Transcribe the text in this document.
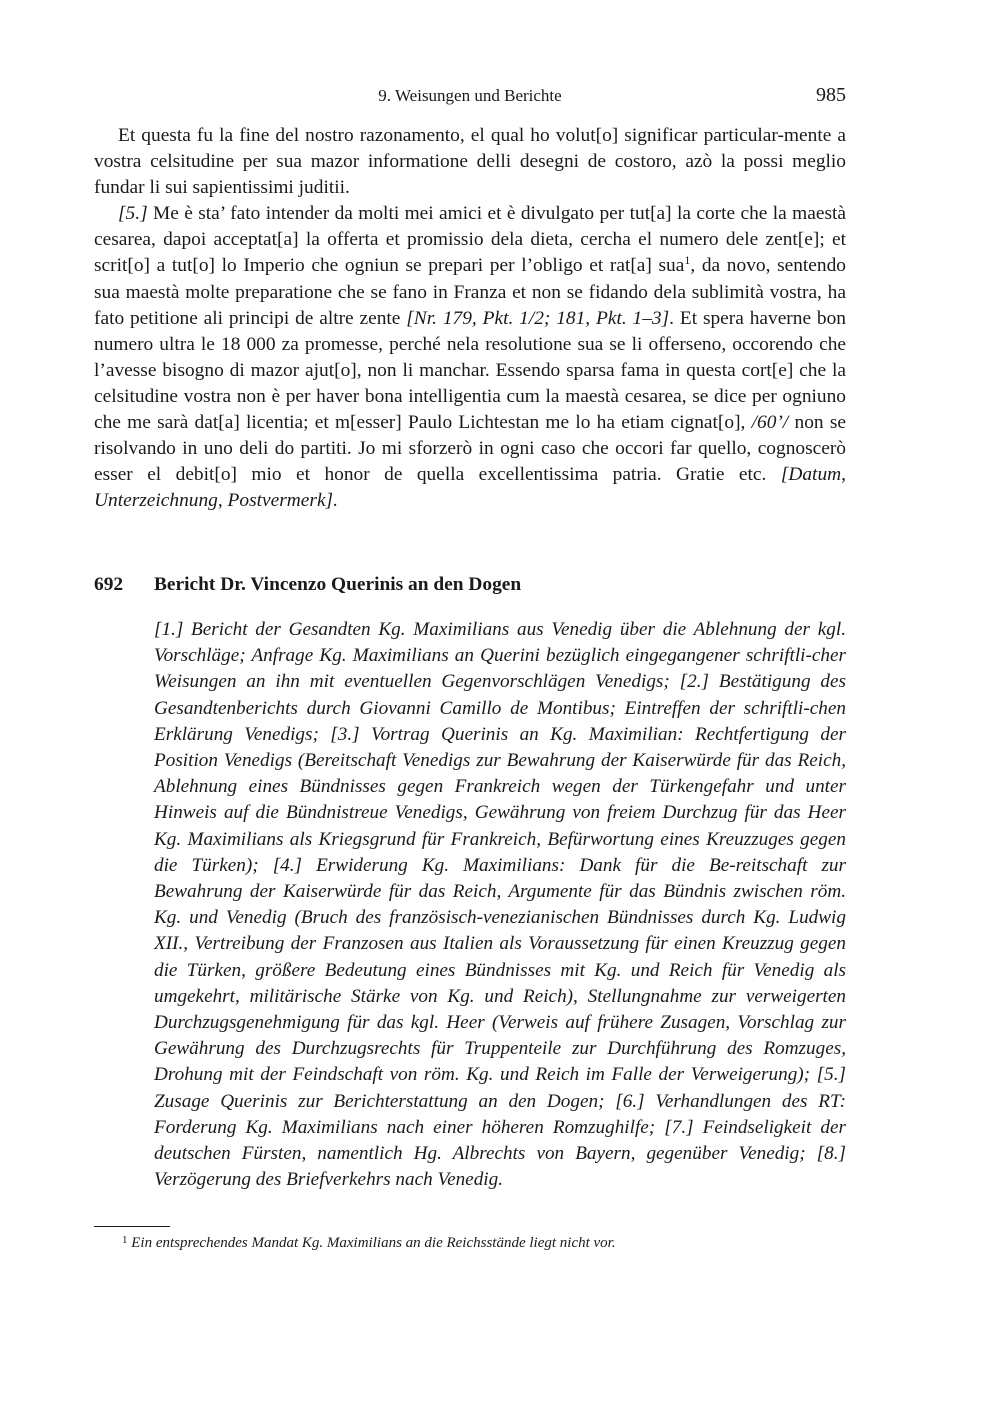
9. Weisungen und Berichte	985

Et questa fu la fine del nostro razonamento, el qual ho volut[o] significar particular-mente a vostra celsitudine per sua mazor informatione delli desegni de costoro, azò la possi meglio fundar li sui sapientissimi juditii.

[5.] Me è sta’ fato intender da molti mei amici et è divulgato per tut[a] la corte che la maestà cesarea, dapoi acceptat[a] la offerta et promissio dela dieta, cercha el numero dele zent[e]; et scrit[o] a tut[o] lo Imperio che ogniun se prepari per l’obligo et rat[a] sua$^1$, da novo, sentendo sua maestà molte preparatione che se fano in Franza et non se fidando dela sublimità vostra, ha fato petitione ali principi de altre zente [Nr. 179, Pkt. 1/2; 181, Pkt. 1–3]. Et spera haverne bon numero ultra le 18 000 za promesse, perché nela resolutione sua se li offerseno, occorendo che l’avesse bisogno di mazor ajut[o], non li manchar. Essendo sparsa fama in questa cort[e] che la celsitudine vostra non è per haver bona intelligentia cum la maestà cesarea, se dice per ogniuno che me sarà dat[a] licentia; et m[esser] Paulo Lichtestan me lo ha etiam cignat[o], /60’/ non se risolvando in uno deli do partiti. Jo mi sforzerò in ogni caso che occori far quello, cognoscerò esser el debit[o] mio et honor de quella excellentissima patria. Gratie etc. [Datum, Unterzeichnung, Postvermerk].

692 Bericht Dr. Vincenzo Querinis an den Dogen

[1.] Bericht der Gesandten Kg. Maximilians aus Venedig über die Ablehnung der kgl. Vorschläge; Anfrage Kg. Maximilians an Querini bezüglich eingegangener schriftli-cher Weisungen an ihn mit eventuellen Gegenvorschlägen Venedigs; [2.] Bestätigung des Gesandtenberichts durch Giovanni Camillo de Montibus; Eintreffen der schriftli-chen Erklärung Venedigs; [3.] Vortrag Querinis an Kg. Maximilian: Rechtfertigung der Position Venedigs (Bereitschaft Venedigs zur Bewahrung der Kaiserwürde für das Reich, Ablehnung eines Bündnisses gegen Frankreich wegen der Türkengefahr und unter Hinweis auf die Bündnistreue Venedigs, Gewährung von freiem Durchzug für das Heer Kg. Maximilians als Kriegsgrund für Frankreich, Befürwortung eines Kreuzzuges gegen die Türken); [4.] Erwiderung Kg. Maximilians: Dank für die Be-reitschaft zur Bewahrung der Kaiserwürde für das Reich, Argumente für das Bündnis zwischen röm. Kg. und Venedig (Bruch des französisch-venezianischen Bündnisses durch Kg. Ludwig XII., Vertreibung der Franzosen aus Italien als Voraussetzung für einen Kreuzzug gegen die Türken, größere Bedeutung eines Bündnisses mit Kg. und Reich für Venedig als umgekehrt, militärische Stärke von Kg. und Reich), Stellungnahme zur verweigerten Durchzugsgenehmigung für das kgl. Heer (Verweis auf frühere Zusagen, Vorschlag zur Gewährung des Durchzugsrechts für Truppenteile zur Durchführung des Romzuges, Drohung mit der Feindschaft von röm. Kg. und Reich im Falle der Verweigerung); [5.] Zusage Querinis zur Berichterstattung an den Dogen; [6.] Verhandlungen des RT: Forderung Kg. Maximilians nach einer höheren Romzughilfe; [7.] Feindseligkeit der deutschen Fürsten, namentlich Hg. Albrechts von Bayern, gegenüber Venedig; [8.] Verzögerung des Briefverkehrs nach Venedig.

$^1$ Ein entsprechendes Mandat Kg. Maximilians an die Reichsstände liegt nicht vor.
